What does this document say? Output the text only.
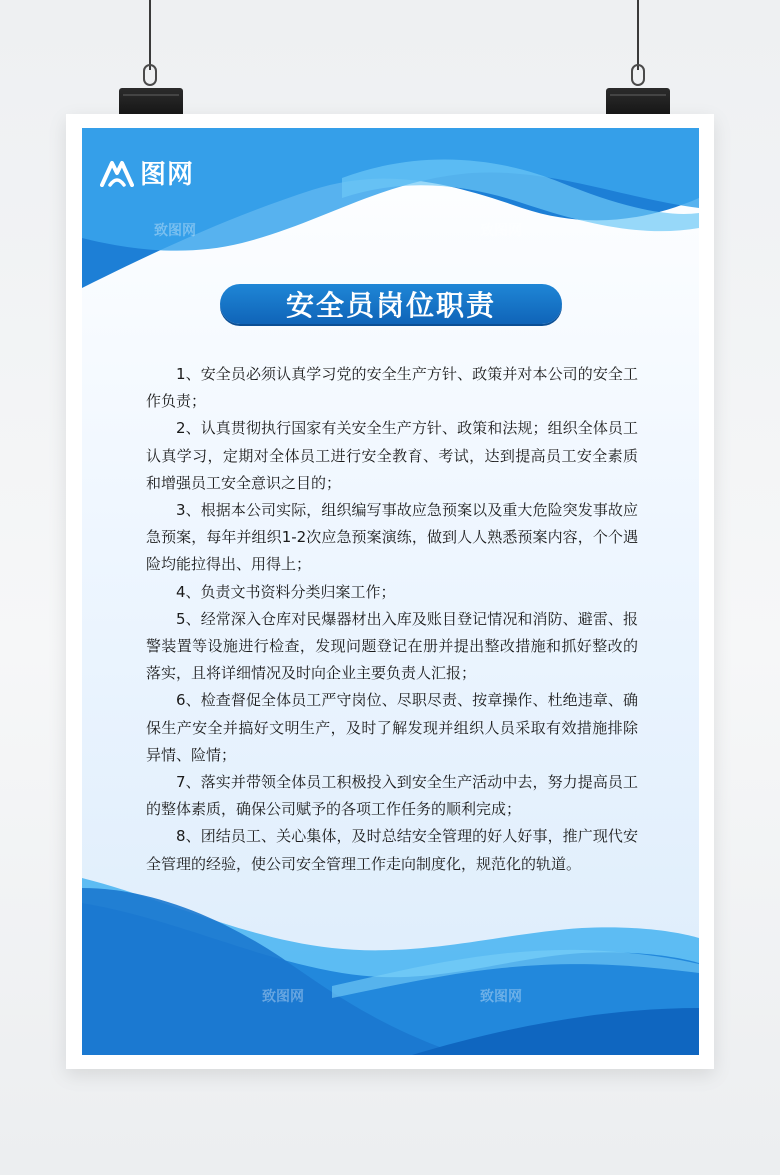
致图网	致图网
致图网	致图网
图网
安全员岗位职责

1、安全员必须认真学习党的安全生产方针、政策并对本公司的安全工作负责；

2、认真贯彻执行国家有关安全生产方针、政策和法规；组织全体员工认真学习，定期对全体员工进行安全教育、考试，达到提高员工安全素质和增强员工安全意识之目的；

3、根据本公司实际，组织编写事故应急预案以及重大危险突发事故应急预案，每年并组织1-2次应急预案演练，做到人人熟悉预案内容，个个遇险均能拉得出、用得上；

4、负责文书资料分类归案工作；

5、经常深入仓库对民爆器材出入库及账目登记情况和消防、避雷、报警装置等设施进行检查，发现问题登记在册并提出整改措施和抓好整改的落实，且将详细情况及时向企业主要负责人汇报；

6、检查督促全体员工严守岗位、尽职尽责、按章操作、杜绝违章、确保生产安全并搞好文明生产，及时了解发现并组织人员采取有效措施排除异情、险情；

7、落实并带领全体员工积极投入到安全生产活动中去，努力提高员工的整体素质，确保公司赋予的各项工作任务的顺利完成；

8、团结员工、关心集体，及时总结安全管理的好人好事，推广现代安全管理的经验，使公司安全管理工作走向制度化，规范化的轨道。
